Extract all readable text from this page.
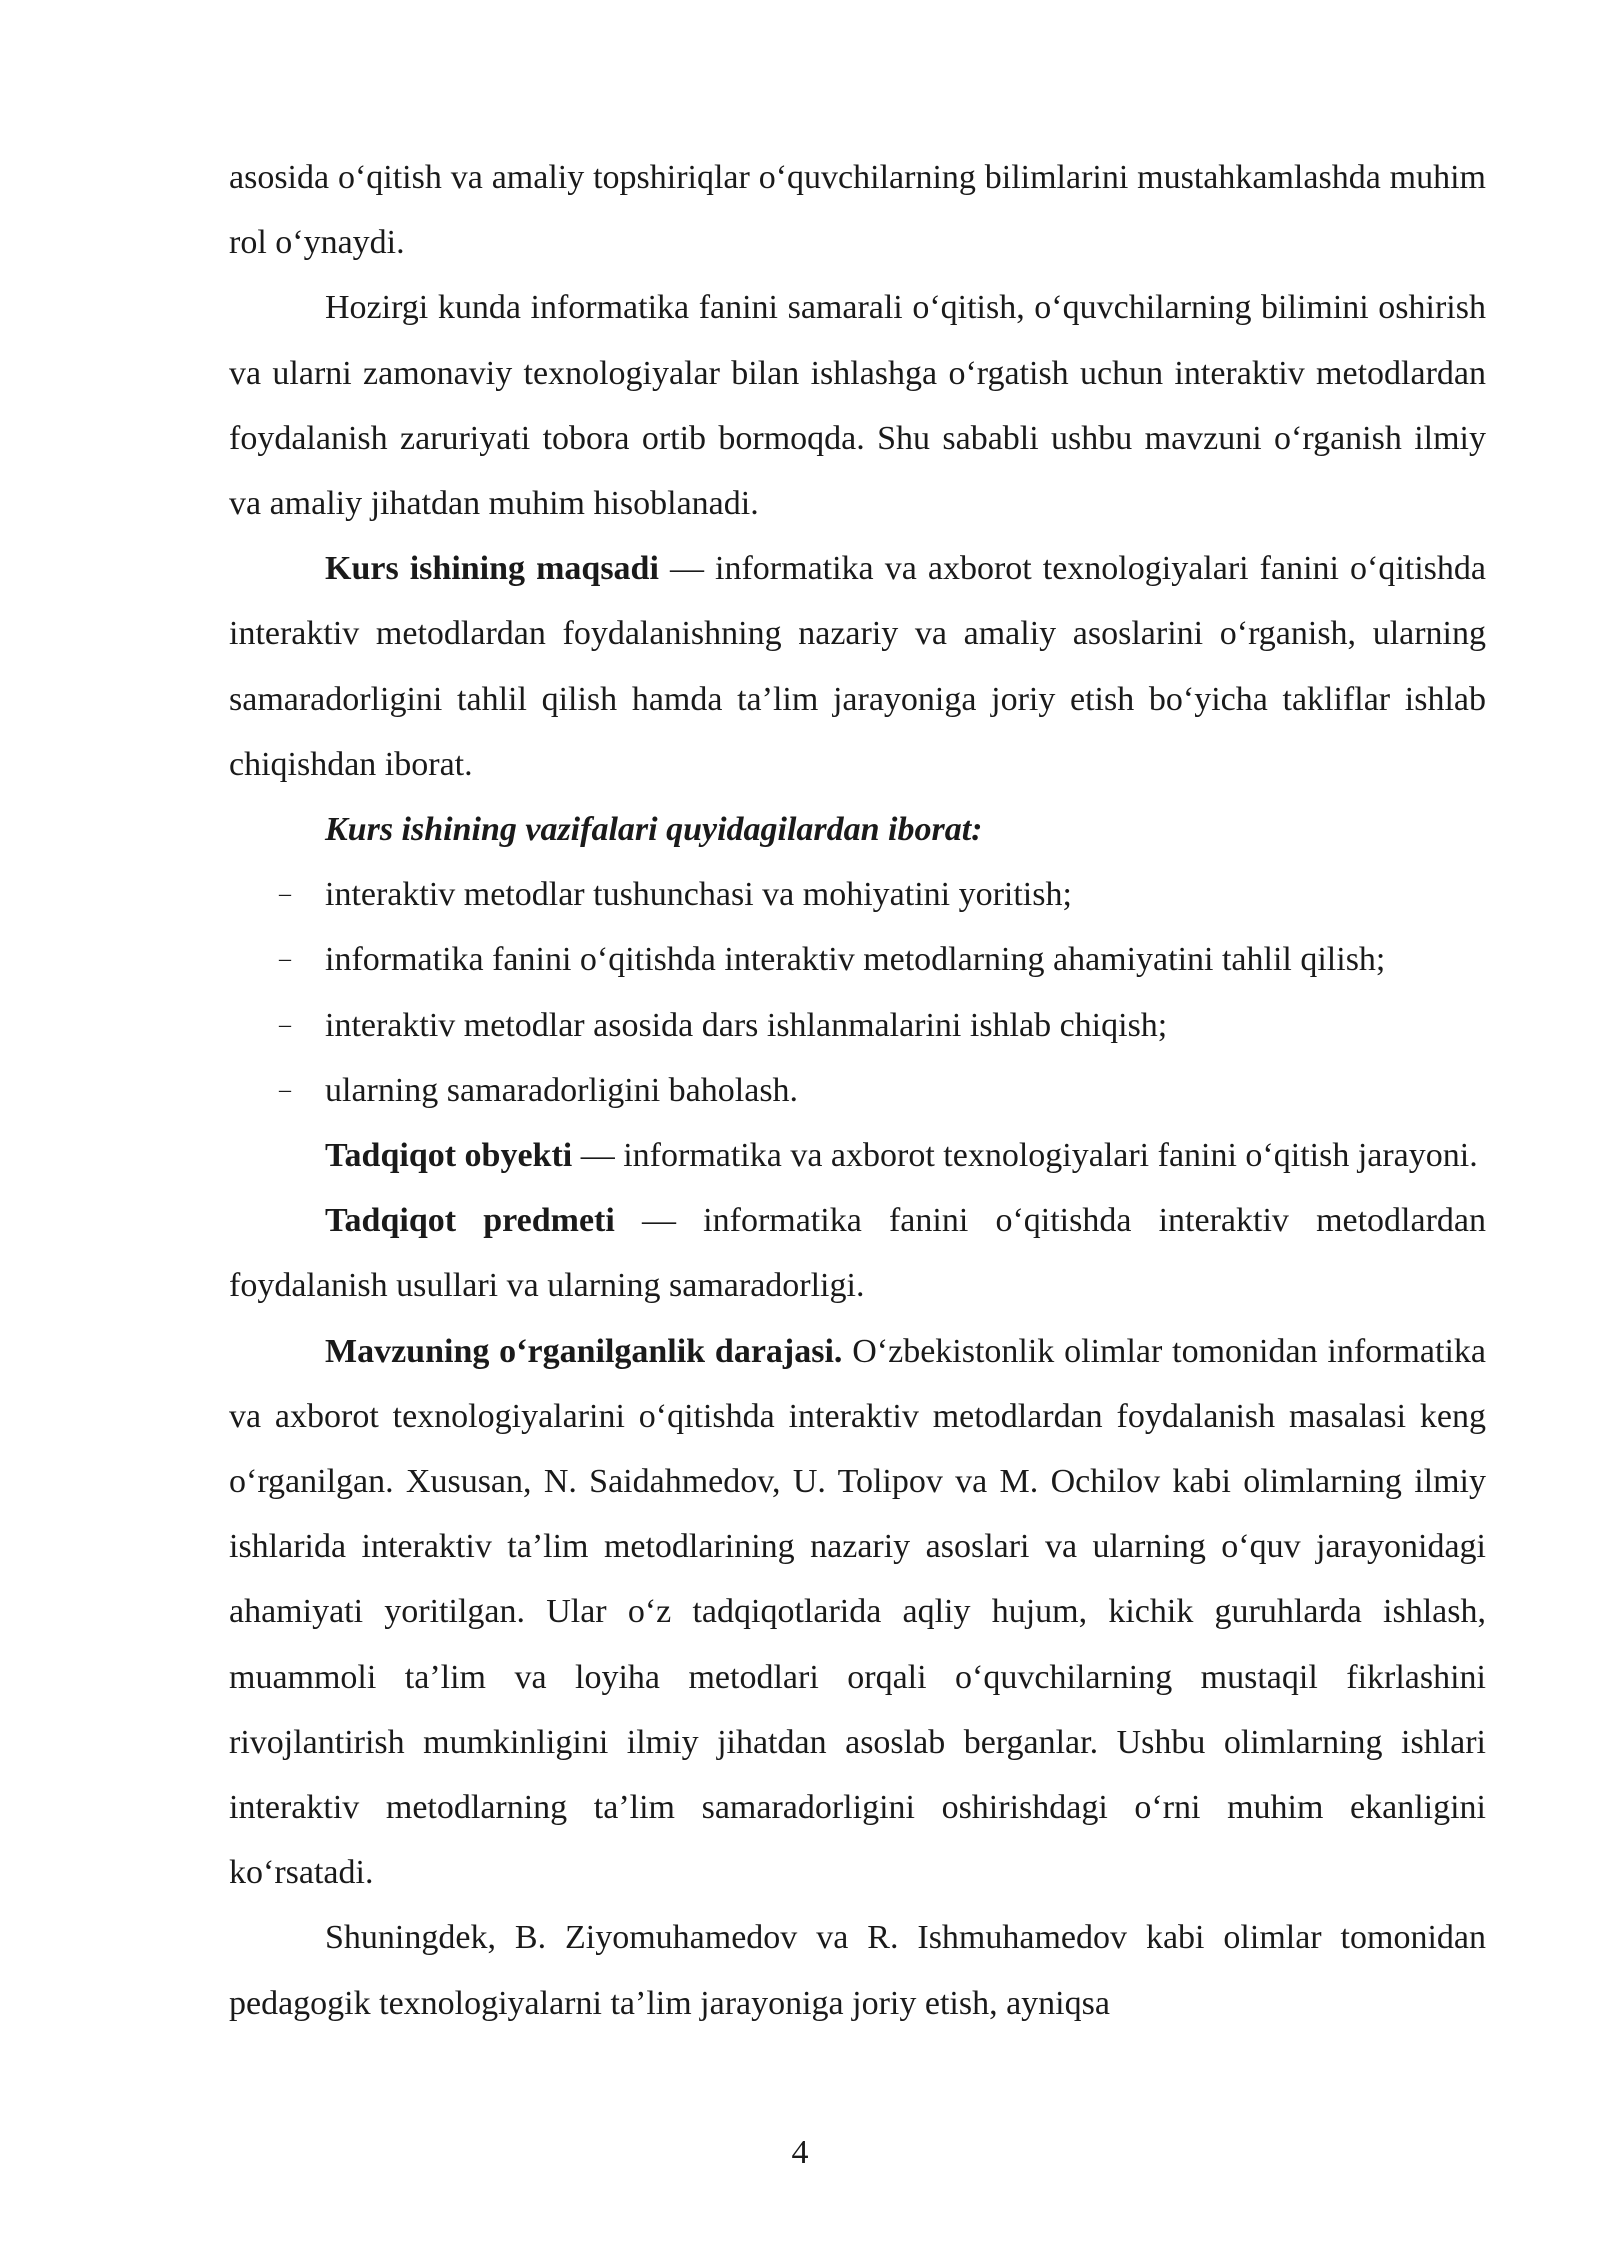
asosida o‘qitish va amaliy topshiriqlar o‘quvchilarning bilimlarini mustahkamlashda muhim rol o‘ynaydi.

Hozirgi kunda informatika fanini samarali o‘qitish, o‘quvchilarning bilimini oshirish va ularni zamonaviy texnologiyalar bilan ishlashga o‘rgatish uchun interaktiv metodlardan foydalanish zaruriyati tobora ortib bormoqda. Shu sababli ushbu mavzuni o‘rganish ilmiy va amaliy jihatdan muhim hisoblanadi.

Kurs ishining maqsadi — informatika va axborot texnologiyalari fanini o‘qitishda interaktiv metodlardan foydalanishning nazariy va amaliy asoslarini o‘rganish, ularning samaradorligini tahlil qilish hamda ta’lim jarayoniga joriy etish bo‘yicha takliflar ishlab chiqishdan iborat.

Kurs ishining vazifalari quyidagilardan iborat:

– interaktiv metodlar tushunchasi va mohiyatini yoritish;
– informatika fanini o‘qitishda interaktiv metodlarning ahamiyatini tahlil qilish;
– interaktiv metodlar asosida dars ishlanmalarini ishlab chiqish;
– ularning samaradorligini baholash.

Tadqiqot obyekti — informatika va axborot texnologiyalari fanini o‘qitish jarayoni.

Tadqiqot predmeti — informatika fanini o‘qitishda interaktiv metodlardan foydalanish usullari va ularning samaradorligi.

Mavzuning o‘rganilganlik darajasi. O‘zbekistonlik olimlar tomonidan informatika va axborot texnologiyalarini o‘qitishda interaktiv metodlardan foydalanish masalasi keng o‘rganilgan. Xususan, N. Saidahmedov, U. Tolipov va M. Ochilov kabi olimlarning ilmiy ishlarida interaktiv ta’lim metodlarining nazariy asoslari va ularning o‘quv jarayonidagi ahamiyati yoritilgan. Ular o‘z tadqiqotlarida aqliy hujum, kichik guruhlarda ishlash, muammoli ta’lim va loyiha metodlari orqali o‘quvchilarning mustaqil fikrlashini rivojlantirish mumkinligini ilmiy jihatdan asoslab berganlar. Ushbu olimlarning ishlari interaktiv metodlarning ta’lim samaradorligini oshirishdagi o‘rni muhim ekanligini ko‘rsatadi.

Shuningdek, B. Ziyomuhamedov va R. Ishmuhamedov kabi olimlar tomonidan pedagogik texnologiyalarni ta’lim jarayoniga joriy etish, ayniqsa

4
